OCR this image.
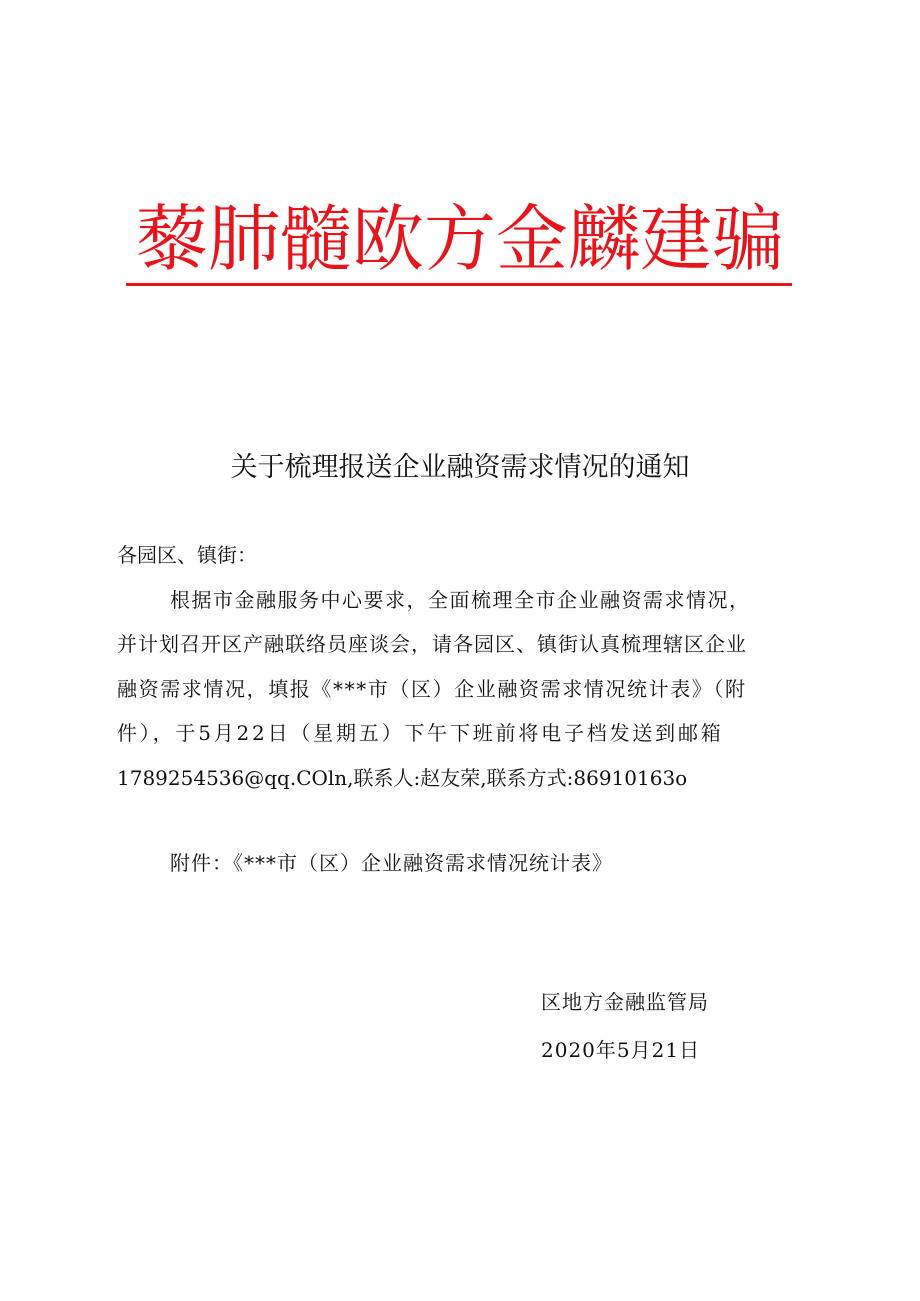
藜肺髓欧方金麟建骗
关于梳理报送企业融资需求情况的通知
各园区、镇街：
根据市金融服务中心要求，全面梳理全市企业融资需求情况，
并计划召开区产融联络员座谈会，请各园区、镇街认真梳理辖区企业
融资需求情况，填报《***市（区）企业融资需求情况统计表》（附
件），于5月22日（星期五）下午下班前将电子档发送到邮箱
1789254536@qq.COln,联系人:赵友荣,联系方式:86910163o
附件：《***市（区）企业融资需求情况统计表》
区地方金融监管局
2020年5月21日
